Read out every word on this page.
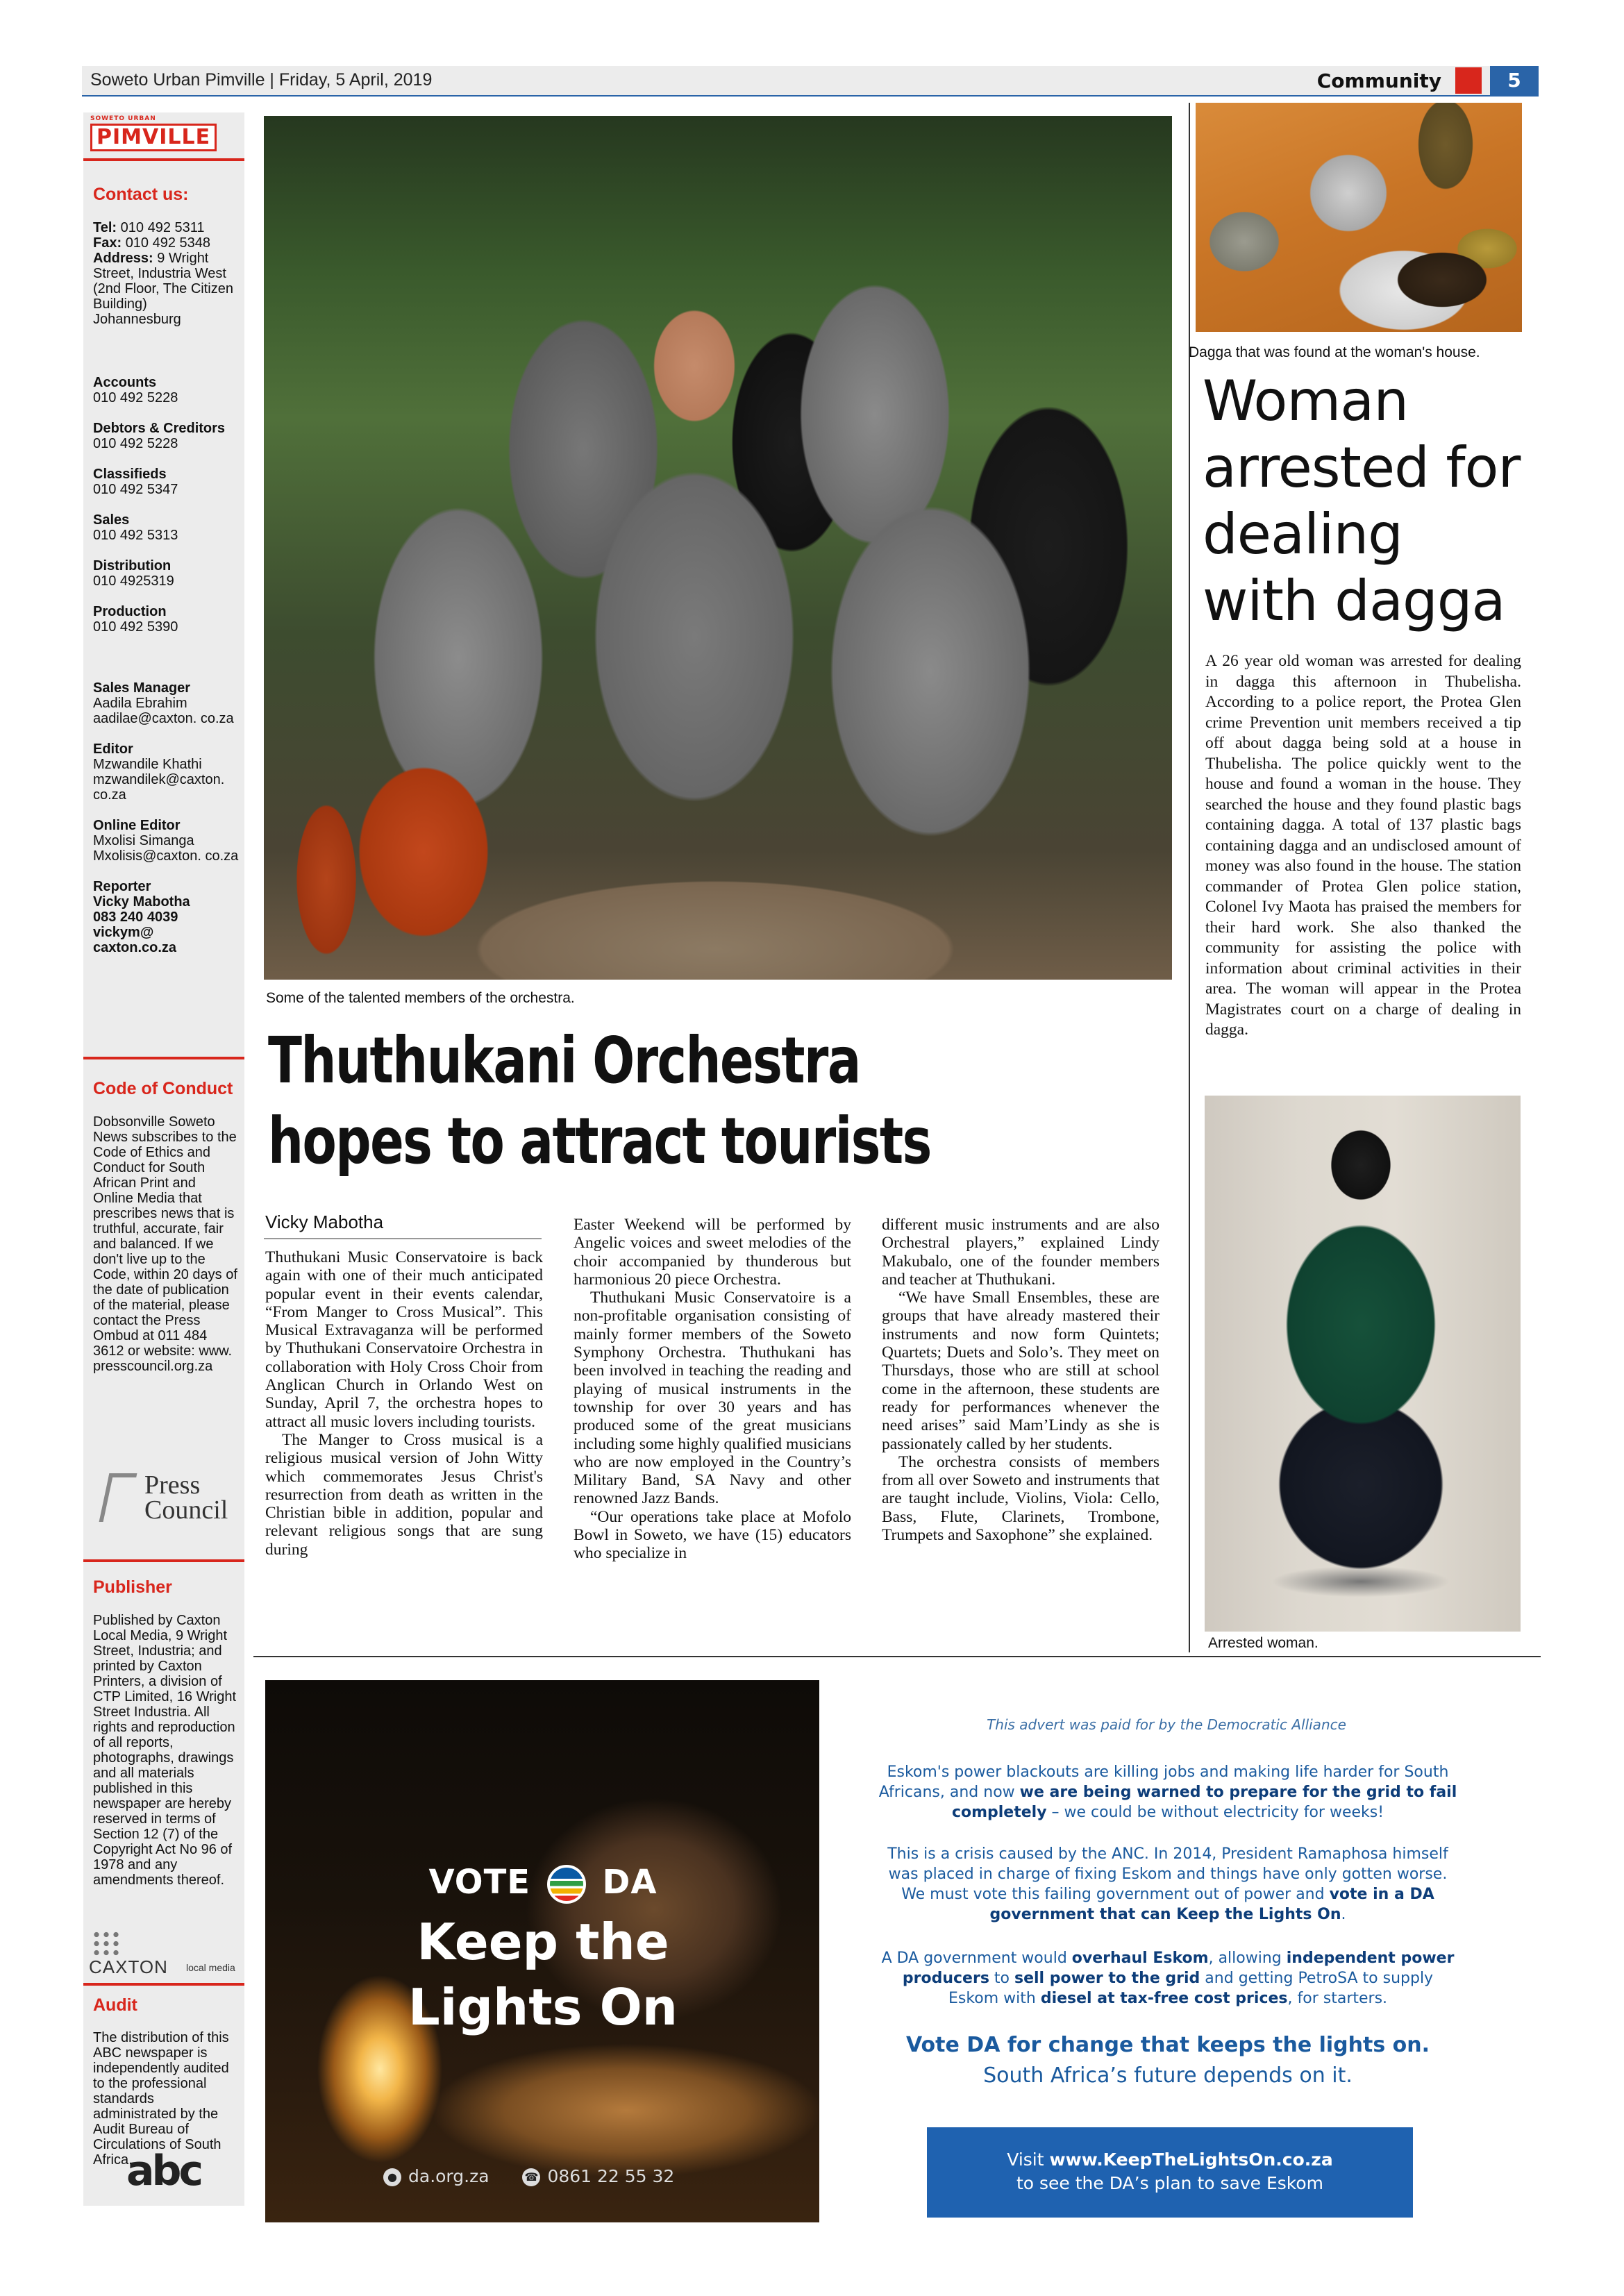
Soweto Urban Pimville | Friday, 5 April, 2019	Community	5
SOWETO URBAN
PIMVILLE
Contact us:
Tel: 010 492 5311
Fax: 010 492 5348
Address: 9 Wright Street, Industria West (2nd Floor, The Citizen Building) Johannesburg
Accounts
010 492 5228
Debtors & Creditors
010 492 5228
Classifieds
010 492 5347
Sales
010 492 5313
Distribution
010 4925319
Production
010 492 5390
Sales Manager
Aadila Ebrahim
aadilae@caxton. co.za
Editor
Mzwandile Khathi
mzwandilek@caxton. co.za
Online Editor
Mxolisi Simanga
Mxolisis@caxton. co.za
Reporter
Vicky Mabotha
083 240 4039
vickym@ caxton.co.za
Code of Conduct
Dobsonville Soweto News subscribes to the Code of Ethics and Conduct for South African Print and Online Media that prescribes news that is truthful, accurate, fair and balanced. If we don't live up to the Code, within 20 days of the date of publication of the material, please contact the Press Ombud at 011 484 3612 or website: www. presscouncil.org.za
Press
Council
Publisher
Published by Caxton Local Media, 9 Wright Street, Industria; and printed by Caxton Printers, a division of CTP Limited, 16 Wright Street Industria. All rights and reproduction of all reports, photographs, drawings and all materials published in this newspaper are hereby reserved in terms of Section 12 (7) of the Copyright Act No 96 of 1978 and any amendments thereof.
CAXTON local media
Audit
The distribution of this ABC newspaper is independently audited to the professional standards administrated by the Audit Bureau of Circulations of South Africa.
abc
Some of the talented members of the orchestra.
Thuthukani Orchestra
hopes to attract tourists
Vicky Mabotha

Thuthukani Music Conservatoire is back again with one of their much anticipated popular event in their events calendar, “From Manger to Cross Musical”. This Musical Extravaganza will be performed by Thuthukani Conservatoire Orchestra in collaboration with Holy Cross Choir from Anglican Church in Orlando West on Sunday, April 7, the orchestra hopes to attract all music lovers including tourists.

The Manger to Cross musical is a religious musical version of John Witty which commemorates Jesus Christ's resurrection from death as written in the Christian bible in addition, popular and relevant religious songs that are sung during

Easter Weekend will be performed by Angelic voices and sweet melodies of the choir accompanied by thunderous but harmonious 20 piece Orchestra.

Thuthukani Music Conservatoire is a non-profitable organisation consisting of mainly former members of the Soweto Symphony Orchestra. Thuthukani has been involved in teaching the reading and playing of musical instruments in the township for over 30 years and has produced some of the great musicians including some highly qualified musicians who are now employed in the Country’s Military Band, SA Navy and other renowned Jazz Bands.

“Our operations take place at Mofolo Bowl in Soweto, we have (15) educators who specialize in

different music instruments and are also Orchestral players,” explained Lindy Makubalo, one of the founder members and teacher at Thuthukani.

“We have Small Ensembles, these are groups that have already mastered their instruments and now form Quintets; Quartets; Duets and Solo’s. They meet on Thursdays, those who are still at school come in the afternoon, these students are ready for performances whenever the need arises” said Mam’Lindy as she is passionately called by her students.

The orchestra consists of members from all over Soweto and instruments that are taught include, Violins, Viola: Cello, Bass, Flute, Clarinets, Trombone, Trumpets and Saxophone” she explained.

Dagga that was found at the woman's house.
Woman arrested for dealing with dagga
A 26 year old woman was arrested for dealing in dagga this afternoon in Thubelisha. According to a police report, the Protea Glen crime Prevention unit members received a tip off about dagga being sold at a house in Thubelisha. The police quickly went to the house and found a woman in the house. They searched the house and they found plastic bags containing dagga. A total of 137 plastic bags containing dagga and an undisclosed amount of money was also found in the house. The station commander of Protea Glen police station, Colonel Ivy Maota has praised the members for their hard work. She also thanked the community for assisting the police with information about criminal activities in their area. The woman will appear in the Protea Magistrates court on a charge of dealing in dagga.
Arrested woman.
VOTE DA
Keep the
Lights On
● da.org.za	☎ 0861 22 55 32
This advert was paid for by the Democratic Alliance
Eskom's power blackouts are killing jobs and making life harder for South Africans, and now we are being warned to prepare for the grid to fail completely – we could be without electricity for weeks!
This is a crisis caused by the ANC. In 2014, President Ramaphosa himself was placed in charge of fixing Eskom and things have only gotten worse. We must vote this failing government out of power and vote in a DA government that can Keep the Lights On.
A DA government would overhaul Eskom, allowing independent power producers to sell power to the grid and getting PetroSA to supply Eskom with diesel at tax-free cost prices, for starters.
Vote DA for change that keeps the lights on.
South Africa’s future depends on it.
Visit www.KeepTheLightsOn.co.za
to see the DA’s plan to save Eskom
